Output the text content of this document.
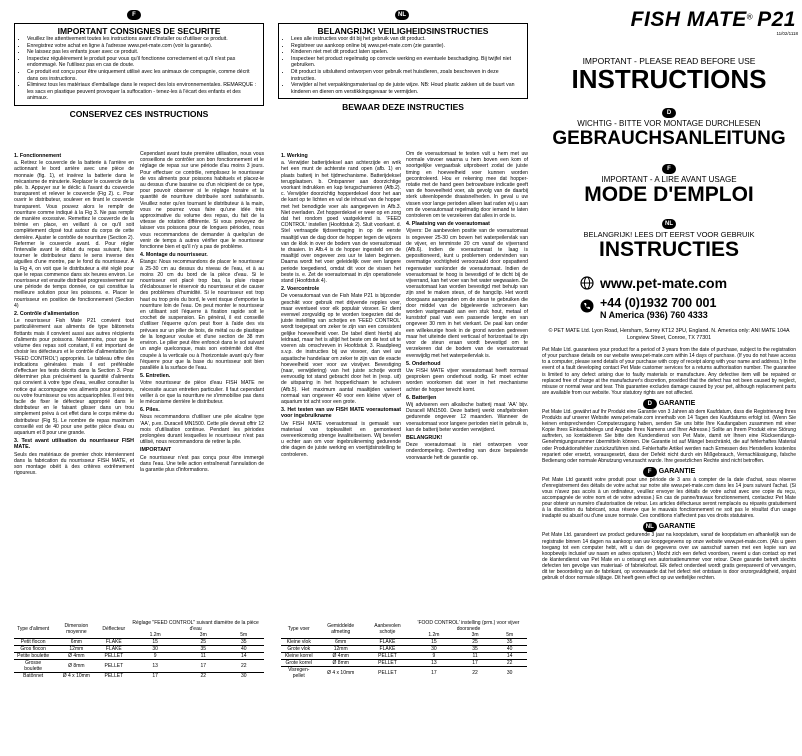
F
IMPORTANT CONSIGNES DE SECURITE
• Veuillez lire attentivement toutes les instructions avant d'installer ou d'utiliser ce produit.
• Enregistrez votre achat en ligne à l'adresse www.pet-mate.com (voir la garantie).
• Ne laissez pas les enfants jouer avec ce produit.
• Inspectez régulièrement le produit pour vous qu'il fonctionne correctement et qu'il n'est pas endommagé. Ne l'utilisez pas en cas de doute.
• Ce produit est conçu pour être uniquement utilisé avec les animaux de compagnie, comme décrit dans ces instructions.
• Éliminez tous les matériaux d'emballage dans le respect des lois environnementales. REMARQUE : les sacs en plastique peuvent provoquer la suffocation - tenez-les à l'écart des enfants et des animaux.
CONSERVEZ CES INSTRUCTIONS
1. Fonctionnement

a. Retirez le couvercle de la batterie à l'arrière en actionnant le bord arrière avec une pièce de monnaie (fig. 1), et insérez la batterie dans le mécanisme de minuterie. Replacer le couvercle de la pile. b. Appuyer sur le déclic à l'avant du couvercle transparent et relever le couvercle (Fig 2). c. Pour ouvrir le distributeur, soulever en tirant le couvercle transparent. Vous pouvez alors le remplir de nourriture comme indiqué à la Fig 3. Ne pas remplir de manière excessive. Remettez le couvercle de la trémie en place, en veillant à ce qu'il soit complètement clipsé tout autour du corps de cette dernière. Ajuster le contrôle de nourriture (Section 2). Refermer le couvercle avant. d. Pour régler l'intervalle avant le début du repas suivant, faire tourner le distributeur dans le sens inverse des aiguilles d'une montre, par le fond du nourrisseur. A la Fig 4, on voit que le distributeur a été réglé pour que le repas commence dans six heures environ. Le nourrisseur est ensuite distribué progressivement sur une période de temps donnée, ce qui constitue la meilleure solution pour les poissons. e. Placer le nourrisseur en position de fonctionnement (Section 4)

2. Contrôle d'alimentation

Le nourrisseur Fish Mate P21 convient tout particulièrement aux aliments de type bâtonnets flottants mais il convient aussi aux autres récipients d'aliments pour poissons. Néanmoins, pour que le volume des repas soit constant, il est important de choisir les défecteurs et le contrôle d'alimentation (le 'FEED CONTROL') appropriés. Le tableau offre des indications générales mais il est préférable d'effectuer les tests décrits dans la Section 3. Pour déterminer plus précisément la quantité d'aliments qui convient à votre type d'eau, veuillez consulter la notice qui accompagne vos aliments pour poissons, ou votre fournisseur ou vos acquariophiles. Il est très facile de fixer le défecteur approprié dans le distributeur en le faisant glisser dans un trou simplement prévu à cet effet dans le corps même du distributeur (Fig 5). Le nombre de repas maximum conseillé est de 40 pour une petite pièce d'eau ou aquarium et 8 pour une grande.

3. Test avant utilisation du nourrisseur FISH MATE.

Seuls des matériaux de premier choix interviennent dans la fabrication du nourrisseur FISH MATE, et son montage obéit à des critères extrêmement rigoureux.

Cependant avant toute première utilisation, nous vous conseillons de contrôler son bon fonctionnement et le réglage de repas sur une période d'au moins 3 jours. Pour effectuer ce contrôle, remplissez le nourrisseur de vos aliments pour poissons habituels et placez-le au dessus d'une bassine ou d'un récipient de ce type, pour pouvoir observer si le réglage horaire et la quantité de nourriture distribuée sont satisfaisants. Veuillez noter qu'en tournant le distributeur à la main, vous ne pourrez vous faire qu'une idée très approximative du volume des repas, du fait de la vitesse de rotation différente. Si vous prévoyez de laisser vos poissons pour de longues périodes, nous vous recommandons de demander à quelqu'un de venir de temps à autres vérifier que le nourrisseur fonctionne bien et qu'il n'y a pas de problème.

4. Montage du nourrisseur.

Étangs: Nous recommandons de placer le nourrisseur à 25-30 cm au dessus du niveau de l'eau, et à au moins 20 cm du bord de la pièce d'eau. Si le nourrisseur est placé trop bas, la pluie risque d'éclabousser le réservoir du nourrisseur et de causer des problèmes d'humidité. Si le nourrisseur est trop haut ou trop près du bord, le vent risque d'emporter la nourriture loin de l'eau. On peut monter le nourrisseur en utilisant soit l'équerre à fixation rapide soit le crochet de suspension. En général, il est conseillé d'utiliser l'équerre qu'on peut fixer à l'aide des vis prévues sur un pilier de bois, de métal ou de plastique de la longueur voulue et d'une section de 38 mm environ. Le pilier peut être enfoncé dans le sol suivant un angle quelconque, mais son extrémité doit être coupée à la verticale ou à l'horizontale avant qu'y fixer l'équerre pour que la base du nourrisseur soit bien parallèle à la surface de l'eau.

5. Entretien.

Votre nourrisseur de pièce d'eau FISH MATE ne nécessite aucun entretien particulier. Il faut cependant veiller à ce que la nourriture ne s'immobilise pas dans le mécanisme derrière le distributeur.

6. Piles.

Nous recommandons d'utiliser une pile alcaline type 'AA', p.ex. Duracell MN1500. Cette pile devrait offrir 12 mois d'utilisation continue. Pendant les périodes prolongées durant lesquelles le nourrisseur n'est pas utilisé, nous recommandons de retirer la pile.

IMPORTANT

Ce nourrisseur n'est pas conçu pour être immergé dans l'eau. Une telle action entraînerait l'annulation de la garantie plus d'informations.

Type d'aliment	Dimension moyenne	Déflecteur	Réglage "FEED CONTROL" suivant diamètre de la pièce d'eau		
			1.2m	3m	5m
Petit flocon	6mm	FLAKE	15	25	35
Gros flocon	12mm	FLAKE	30	35	40
Petite boulette	Ø 4mm	PELLET	9	11	14
Grosse boulette	Ø 8mm	PELLET	13	17	22
Batônnet	Ø 4 x 10mm	PELLET	17	22	30
NL
BELANGRIJK! VEILIGHEIDSINSTRUCTIES
• Lees alle instructies voor dit bij het gebruik van dit product.
• Registreer uw aankoop online bij www.pet-mate.com (zie garantie).
• Kinderen niet met dit product laten spelen.
• Inspecteer het product regelmatig op correcte werking en eventuele beschadiging. Bij twijfel niet gebruiken.
• Dit product is uitsluitend ontworpen voor gebruik met huisdieren, zoals beschreven in deze instructies.
• Verwijder al het verpakkingsmateriaal op de juiste wijze. NB: Houd plastic zakken uit de buurt van kinderen en dieren om verstikkingsgevaar te vermijden.
BEWAAR DEZE INSTRUCTIES
1. Werking

a. Verwijder batterijdeksel aan achterzijde en wrik het een munt de achterste rand open (afb. 1) en plaats batterij in het tijdmechanisme. Batterijdeksel terugplaatsen. b. Ontspanner aan doorzichtige voorkant indrukken en kap terugschamieren (Afb.2). c. Verwijder doorzichtig hopperdeksel door het aan de kant op te lichten en vul de inhoud van de hopper met het benodigde voer als aangegeven in Afb.3. Niet overladen. Zet hopperdeksel er weer op en zorg dat het rondom goed vastgeklemd is. 'FEED CONTROL' instellen (Hoofdstuk 2). Sluit voorkant. d. Stel vertraagde tijdsvertraging in op de eerste maaltijd van de dag door de hopper tegen de wijzers van de klok in over de bodem van de voerautomaat te draaien. In Afb.4 is de hopper ingesteld om de maaltijd over ongeveer zes uur te laten beginnen. Daarna wordt het voer geleidelijk over een langere periode toegediend, omdat dit voor de vissen het beste is. e. Zet de voerautomaat in zijn operationele stand (Hoofdstuk 4).

2. Voercontrole

De voerautomaat van de Fish Mate P21 is bijzonder geschikt voor gebruik met drijvende repples voer, maar eventueel voor elk populair visvoer. Er dient evenwel zorgvuldig op te worden toegezien dat de juiste instelling van schotjes en 'FEED CONTROL' wordt toegepast om zeker te zijn van een consistent gelijke hoeveelheid voer. De tabel dient hierbij als leidraad, maar het is altijd het beste om de test uit te voeren als omschreven in Hoofdstuk 3. Raadpleeg s.v.p. de instructies bij uw visvoer, dan wel uw aquatische handelaar om zeker te zijn van de exacte hoeveelheid voer voor uw visvijver. Bevestiging (naar, verwijdering) van het juiste schotje wordt eenvoudig tot stand gebracht door het in (resp. uit) de uitsparing in het hopperlichaam te schuiven (Afb.5). Het maximum aantal maaltijden varieert normaal van ongeveer 40 voor een kleine vijver of aquarium tot acht voor een grote.

3. Het testen van uw FISH MATE voerautomaat voor ingebruikname

Uw FISH MATE voerautomaat is gemaakt van materiaal van topkwaliteit en gemonteerd overeenkomstig strenge kwaliteitseisen. Wij bevelen u echter aan om voor ingebruikneming gedurende drie dagen de juiste werking en voertijdsinstelling te controleren.

Om de voerautomaat te testen vult u hem met uw normale visvoer waarna u hem boven een kom of soortgelijke vergaarbak uitprobeert zodat de juiste timing en hoeveelheid voer kunnen worden gecontroleerd. Hou er rekening mee dat hopper-rotatie met de hand geen betrouwbare indicatie geeft van de hoeveelheid voer, als gevolg van de daarbij sterk uiteenlopende draaisnelheden. In geval u uw vissen voor lange perioden alleen laat raden wij u aan om de voerautomaat regelmatig door iemand te laten controleren om te verzekeren dat alles in orde is.

4. Plaatsing van de voerautomaat

Vijvers: De aanbevolen positie van de voerautomaat is ongeveer 25-30 cm boven het waterpeilervlak van de vijver, en tenminste 20 cm vanaf de vijverrand (Afb.6). Indien de voerautomaat te laag is gepositioneerd, kunt u problemen ondervinden van overmatige vochtigheid veroorzaakt door opspattend regenwater van/onder de voerautomaat. Indien de voerautomaat te hoog is bevestigd of te dicht bij de vijverrand, kan het voer van het water wegwaaien. De voerautomaat kan worden bevestigd met behulp van zijn snel te maken steun, of de hangclip. Het wordt doorgaans aangeraden om de steun te gebruiken die door middel van de bijgeleverde schroeven kan worden vastgemaakt aan een stuk hout, metaal of kunststof paal van een passende lengte en van ongeveer 30 mm in het vierkant. De paal kan onder een willekeurige hoek in de grond worden gedreven maar het uiteinde dient verticaal of horizontaal te zijn voor de steun eraan wordt bevestigd om te verzekeren dat de bodem van de voerautomaat evenwijdig met het waterpeilervlak is.

5. Onderhoud

Uw FISH MATE vijver voerautomaat heeft normaal gesproken geen onderhoud nodig. Er moet echter worden voorkomen dat voer in het mechanisme achter de hopper terecht komt.

6. Batterijen

Wij adviseren een alkalische batterij maat 'AA' bijv. Duracell MN1500. Deze batterij werkt onafgebroken gedurende ongeveer 12 maanden. Wanneer de voerautomaat voor langere perioden niet in gebruik is, kan de batterij beter worden verwijderd.

BELANGRIJK!

Deze voerautomaat is niet ontworpen voor onderdompeling. Overtreding van deze bepalende voorwaarde heft de garantie op.

Type voer	Gemiddelde afmeting	Aanbevolen schotje	'FOOD CONTROL' instelling (prm.) voor vijver doorsnede		
			1.2m	3m	5m
Kleine vlok	6mm	FLAKE	15	25	35
Grote vlok	12mm	FLAKE	30	35	40
Kleine korrel	Ø 4mm	PELLET	9	11	14
Grote korrel	Ø 8mm	PELLET	13	17	22
Visregen-pellet	Ø 4 x 10mm	PELLET	17	22	30
FISH MATE® P21
11/02/1118
IMPORTANT - PLEASE READ BEFORE USE
INSTRUCTIONS
D
WICHTIG - BITTE VOR MONTAGE DURCHLESEN
GEBRAUCHSANLEITUNG
F
IMPORTANT - A LIRE AVANT USAGE
MODE D'EMPLOI
NL
BELANGRIJK! LEES DIT EERST VOOR GEBRUIK
INSTRUCTIES
www.pet-mate.com
+44 (0)1932 700 001
N America (936) 760 4333
© PET MATE Ltd. Lyon Road, Hersham, Surrey KT12 3PU, England. N. America only: ANI MATE 104A Longview Street, Conroe, TX 77301

Pet Mate Ltd. guarantees your product for a period of 3 years from the date of purchase, subject to the registration of your purchase details on our website www.pet-mate.com within 14 days of purchase. (If you do not have access to a computer, please send details of your purchase with copy of receipt along with your name and address.) In the event of a fault developing contact Pet Mate customer services for a returns authorisation number. The guarantee is limited to any defect arising due to faulty materials or manufacture. Any defective item will be repaired or replaced free of charge at the manufacturer's discretion, provided that the defect has not been caused by neglect, misuse or normal wear and tear. This guarantee excludes damage caused by your pet, although replacement parts are available from our website. Your statutory rights are not affected.

D GARANTIE

Pet Mate Ltd. gewährt auf Ihr Produkt eine Garantie von 3 Jahren ab dem Kaufdatum, dass die Registrierung Ihres Produkts auf unserer Website www.pet-mate.com innerhalb von 14 Tagen des Kaufdatums erfolgt ist. (Wenn Sie keinen entsprechenden Computerzugang haben, senden Sie uns bitte Ihre Kaufangaben zusammen mit einer Kopie Ihres Einkaufsbelegs und Angabe Ihres Namens und Ihrer Adresse.) Sollte an Ihrem Produkt eine Störung auftreten, so kontaktieren Sie bitte den Kundendienst von Pet Mate, damit wir Ihnen eine Rücksendungs-Genehmigungsnummer übermitteln können. Die Garantie ist auf Mängel beschränkt, die auf fehlerhaftes Material oder Produktionsfehler zurückzuführen sind. Fehlerhafte Artikel werden nach Ermessen des Herstellers kostenlos repariert oder ersetzt, vorausgesetzt, dass der Defekt nicht durch ein Mißgebrauch, Vernachlässigung, falsche Bedienung oder normale Abnutzung verursacht wurde. Ihre gesetzlichen Rechte sind nicht betroffen.

F GARANTIE

Pet Mate Ltd garantit votre produit pour une période de 3 ans à compter de la date d'achat, sous réserve d'enregistrement des détails de votre achat sur notre site www.pet-mate.com dans les 14 jours suivant l'achat. (Si vous n'avez pas accès à un ordinateur, veuillez envoyer les détails de votre achat avec une copie du reçu, accompagnée de votre nom et de votre adresse.) En cas de panne/travaux fonctionnement, contactez Pet Mate pour obtenir un numéro d'autorisation de retour. Les articles défectueux seront remplacés ou réparés gratuitement à la discrétion du fabricant, sous réserve que le mauvais fonctionnement ne soit pas le résultat d'un usage inadapté ou abusif ou d'une usure normale. Ces conditions n'affectent pas vos droits statutaires.

NL GARANTIE

Pet Mate Ltd. garandeert uw product gedurende 3 jaar na koopdatum, vanaf de koopdatum en afhankelijk van de registratie binnen 14 dagen na aankoop van uw koopgegevens op onze website www.pet-mate.com. (Als u geen toegang tot een computer hebt, wilt u dan de gegevens over uw aanschaf samen met een kopie van uw koopbewijs inclusief uw naam en adres opsturen.) Mocht zich een defect voordoen, neemt u dan contact op met de klantendienst van Pet Mate en u ontvangt een autorisatienummer voor retour. Deze garantie betreft slechts defecten ten gevolge van materiaal- of fabrieksfout. Elk defect onderdeel wordt gratis gerepareerd of vervangen, dit ter beoordeling van de fabrikant, op voorwaarde dat het defect niet ontstaan is door onzorgvuldigheid, onjuist gebruik of door normale slijtage. Dit heeft geen effect op uw wettelijke rechten.
